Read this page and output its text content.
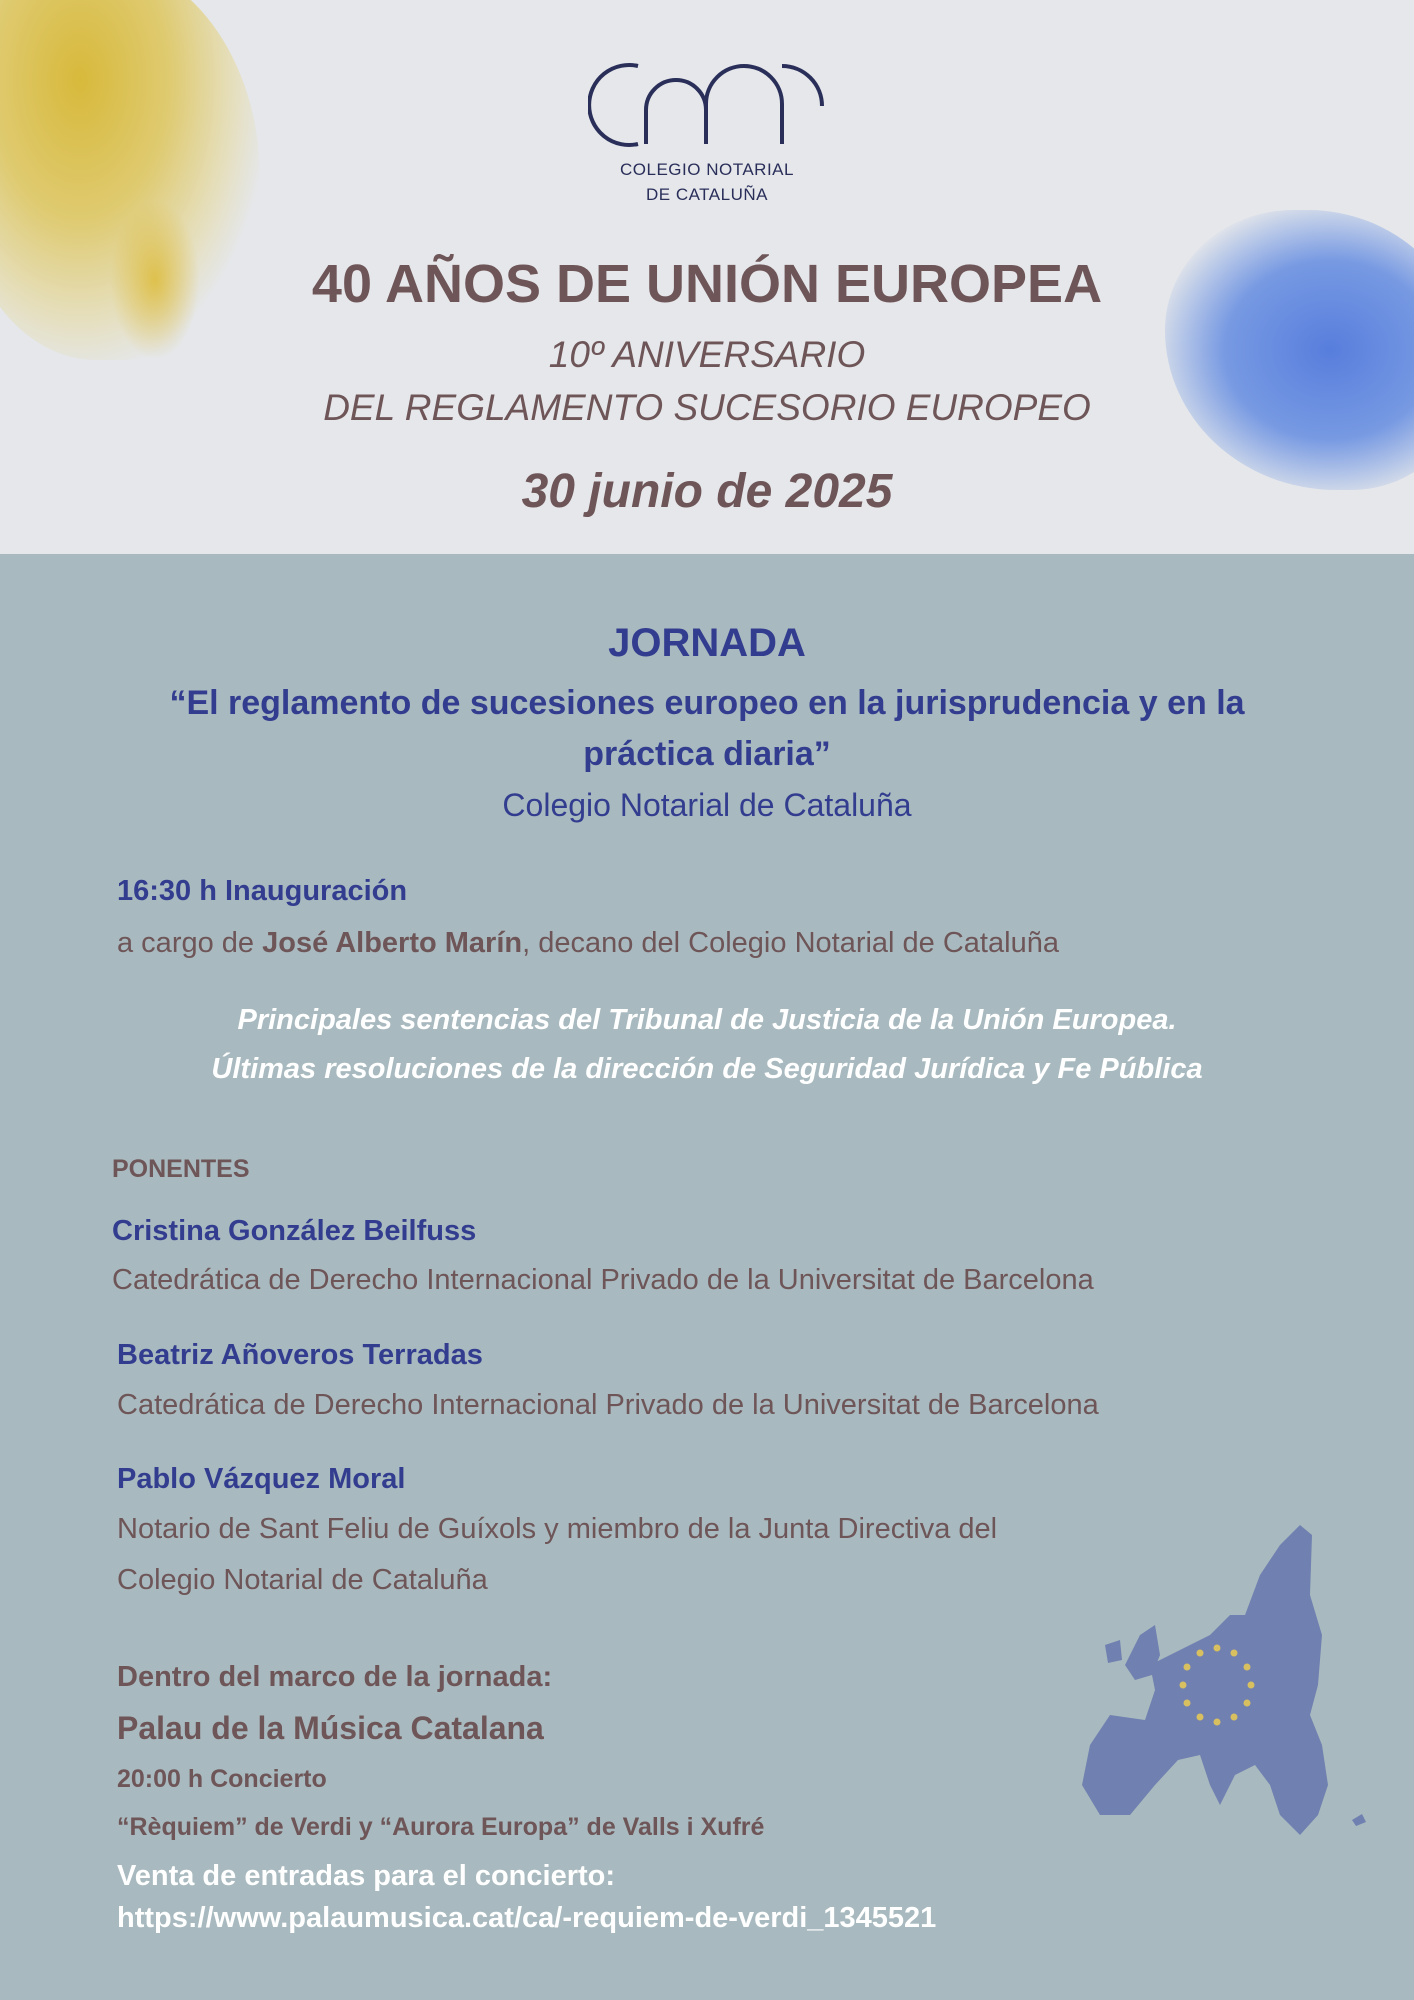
COLEGIO NOTARIAL
DE CATALUÑA
40 AÑOS DE UNIÓN EUROPEA
10º ANIVERSARIO
DEL REGLAMENTO SUCESORIO EUROPEO
30 junio de 2025
JORNADA
“El reglamento de sucesiones europeo en la jurisprudencia y en la
práctica diaria”
Colegio Notarial de Cataluña
16:30 h Inauguración
a cargo de José Alberto Marín, decano del Colegio Notarial de Cataluña
Principales sentencias del Tribunal de Justicia de la Unión Europea.
Últimas resoluciones de la dirección de Seguridad Jurídica y Fe Pública
PONENTES
Cristina González Beilfuss
Catedrática de Derecho Internacional Privado de la Universitat de Barcelona
Beatriz Añoveros Terradas
Catedrática de Derecho Internacional Privado de la Universitat de Barcelona
Pablo Vázquez Moral
Notario de Sant Feliu de Guíxols y miembro de la Junta Directiva del
Colegio Notarial de Cataluña
Dentro del marco de la jornada:
Palau de la Música Catalana
20:00 h Concierto
“Rèquiem” de Verdi y “Aurora Europa” de Valls i Xufré
Venta de entradas para el concierto:
https://www.palaumusica.cat/ca/-requiem-de-verdi_1345521
